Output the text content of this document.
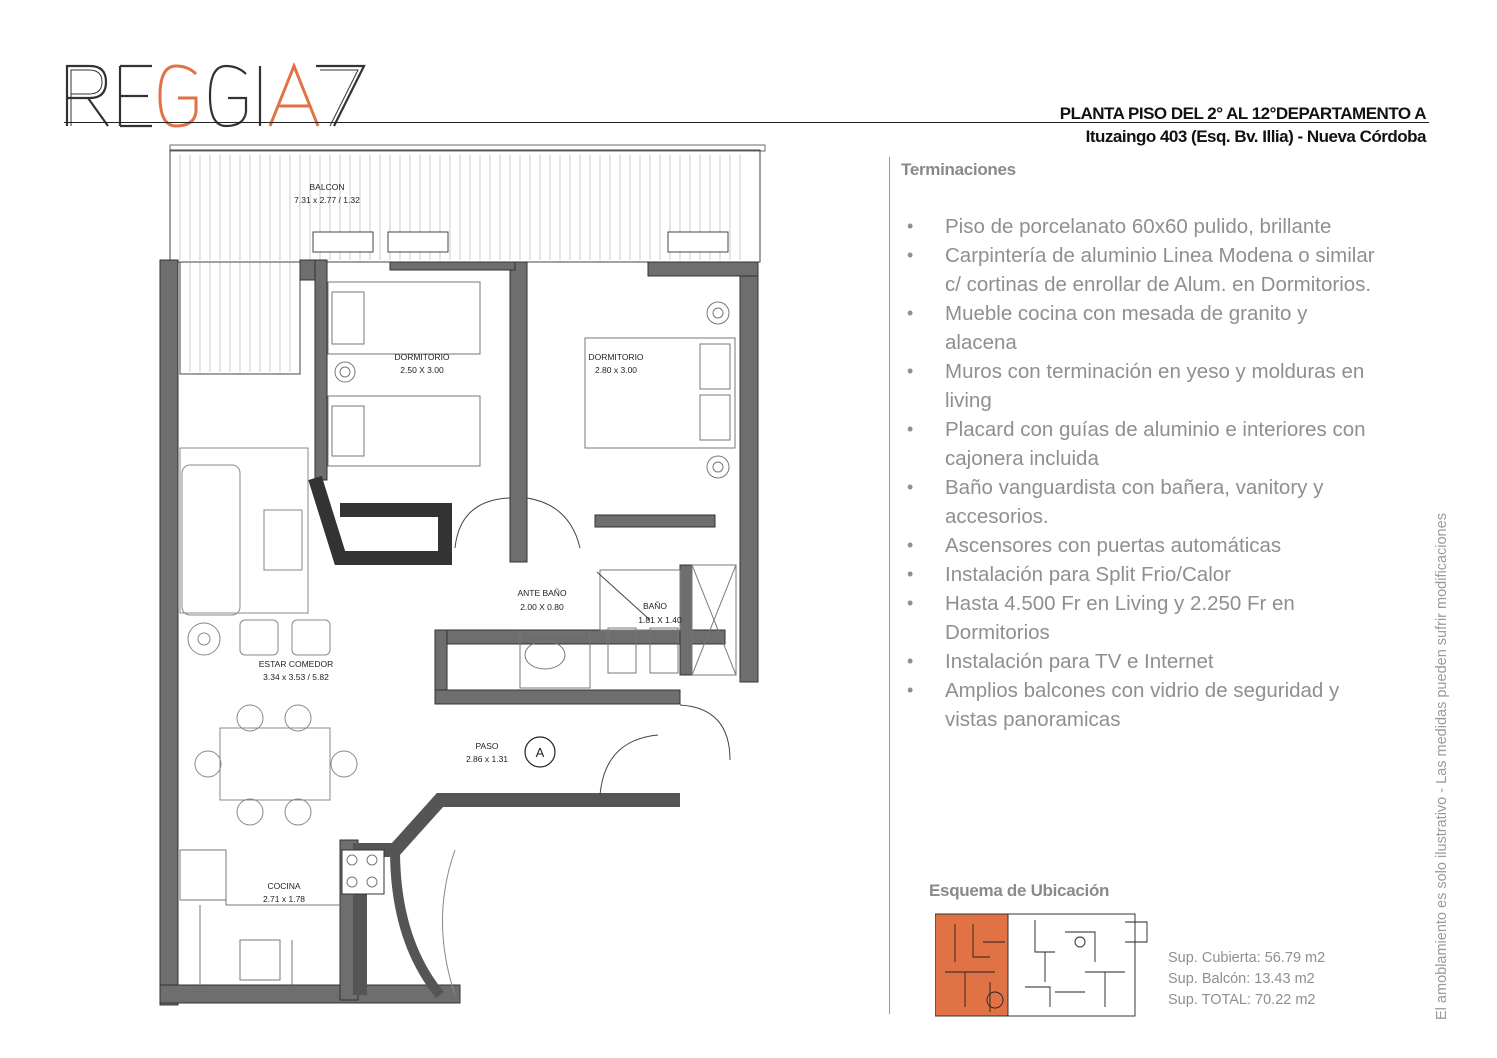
PLANTA PISO DEL 2° AL 12°DEPARTAMENTO A
Ituzaingo 403 (Esq. Bv. Illia) - Nueva Córdoba
A
BALCON
7.31 x 2.77 / 1.32
DORMITORIO
2.50 X 3.00
DORMITORIO
2.80 x 3.00
ANTE BAÑO
2.00 X 0.80	BAÑO
1.81 X 1.40
ESTAR COMEDOR
3.34 x 3.53 / 5.82
PASO
2.86 x 1.31
COCINA
2.71 x 1.78
Terminaciones
• Piso de porcelanato 60x60 pulido, brillante
• Carpintería de aluminio Linea Modena o similar c/ cortinas de enrollar de Alum. en Dormitorios.
• Mueble cocina con mesada de granito y alacena
• Muros con terminación en yeso y molduras en living
• Placard con guías de aluminio e interiores con cajonera incluida
• Baño vanguardista con bañera, vanitory y accesorios.
• Ascensores con puertas automáticas
• Instalación para Split Frio/Calor
• Hasta 4.500 Fr en Living y 2.250 Fr en Dormitorios
• Instalación para TV e Internet
• Amplios balcones con vidrio de seguridad y vistas panoramicas
Esquema de Ubicación
Sup. Cubierta: 56.79 m2
Sup. Balcón: 13.43 m2
Sup. TOTAL: 70.22 m2	El amoblamiento es solo ilustrativo - Las medidas pueden sufrir modificaciones
